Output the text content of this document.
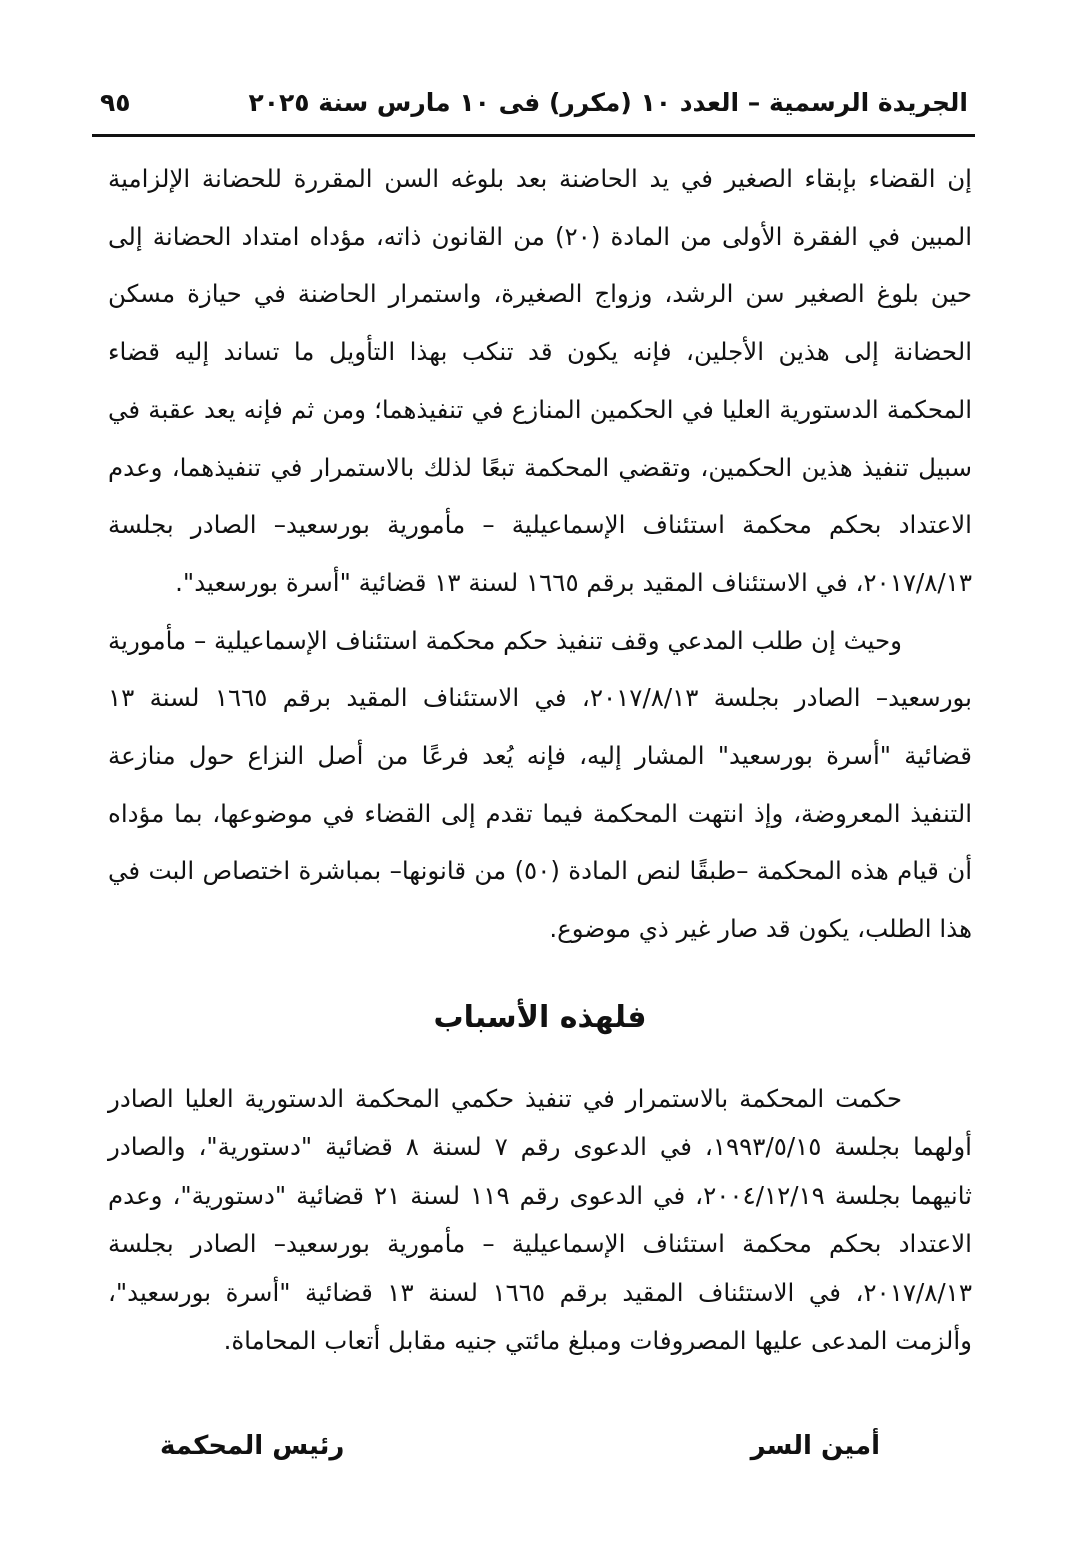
الجريدة الرسمية – العدد ١٠ (مكرر) فى ١٠ مارس سنة ٢٠٢٥
٩٥

إن القضاء بإبقاء الصغير في يد الحاضنة بعد بلوغه السن المقررة للحضانة الإلزامية المبين في الفقرة الأولى من المادة (٢٠) من القانون ذاته، مؤداه امتداد الحضانة إلى حين بلوغ الصغير سن الرشد، وزواج الصغيرة، واستمرار الحاضنة في حيازة مسكن الحضانة إلى هذين الأجلين، فإنه يكون قد تنكب بهذا التأويل ما تساند إليه قضاء المحكمة الدستورية العليا في الحكمين المنازع في تنفيذهما؛ ومن ثم فإنه يعد عقبة في سبيل تنفيذ هذين الحكمين، وتقضي المحكمة تبعًا لذلك بالاستمرار في تنفيذهما، وعدم الاعتداد بحكم محكمة استئناف الإسماعيلية – مأمورية بورسعيد– الصادر بجلسة ٢٠١٧/٨/١٣، في الاستئناف المقيد برقم ١٦٦٥ لسنة ١٣ قضائية "أسرة بورسعيد".

وحيث إن طلب المدعي وقف تنفيذ حكم محكمة استئناف الإسماعيلية – مأمورية بورسعيد– الصادر بجلسة ٢٠١٧/٨/١٣، في الاستئناف المقيد برقم ١٦٦٥ لسنة ١٣ قضائية "أسرة بورسعيد" المشار إليه، فإنه يُعد فرعًا من أصل النزاع حول منازعة التنفيذ المعروضة، وإذ انتهت المحكمة فيما تقدم إلى القضاء في موضوعها، بما مؤداه أن قيام هذه المحكمة –طبقًا لنص المادة (٥٠) من قانونها– بمباشرة اختصاص البت في هذا الطلب، يكون قد صار غير ذي موضوع.

فلهذه الأسباب

حكمت المحكمة بالاستمرار في تنفيذ حكمي المحكمة الدستورية العليا الصادر أولهما بجلسة ١٩٩٣/٥/١٥، في الدعوى رقم ٧ لسنة ٨ قضائية "دستورية"، والصادر ثانيهما بجلسة ٢٠٠٤/١٢/١٩، في الدعوى رقم ١١٩ لسنة ٢١ قضائية "دستورية"، وعدم الاعتداد بحكم محكمة استئناف الإسماعيلية – مأمورية بورسعيد– الصادر بجلسة ٢٠١٧/٨/١٣، في الاستئناف المقيد برقم ١٦٦٥ لسنة ١٣ قضائية "أسرة بورسعيد"، وألزمت المدعى عليها المصروفات ومبلغ مائتي جنيه مقابل أتعاب المحاماة.

أمين السر
رئيس المحكمة
